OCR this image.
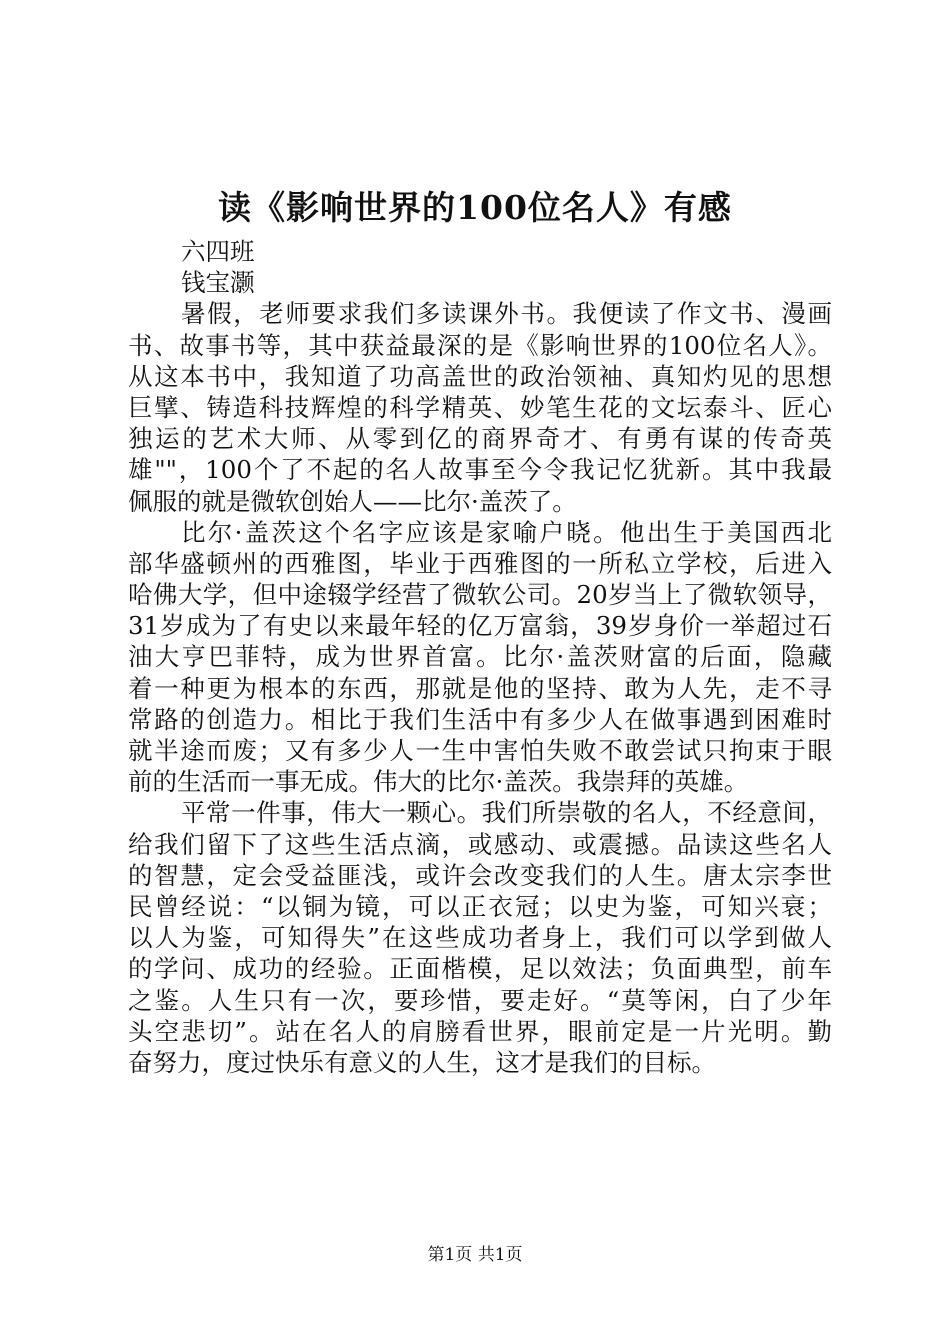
读《影响世界的100位名人》有感
六四班
钱宝灏
暑假，老师要求我们多读课外书。我便读了作文书、漫画
书、故事书等，其中获益最深的是《影响世界的100位名人》。
从这本书中，我知道了功高盖世的政治领袖、真知灼见的思想
巨擘、铸造科技辉煌的科学精英、妙笔生花的文坛泰斗、匠心
独运的艺术大师、从零到亿的商界奇才、有勇有谋的传奇英
雄""，100个了不起的名人故事至今令我记忆犹新。其中我最
佩服的就是微软创始人——比尔·盖茨了。
比尔·盖茨这个名字应该是家喻户晓。他出生于美国西北
部华盛顿州的西雅图，毕业于西雅图的一所私立学校，后进入
哈佛大学，但中途辍学经营了微软公司。20岁当上了微软领导，
31岁成为了有史以来最年轻的亿万富翁，39岁身价一举超过石
油大亨巴菲特，成为世界首富。比尔·盖茨财富的后面，隐藏
着一种更为根本的东西，那就是他的坚持、敢为人先，走不寻
常路的创造力。相比于我们生活中有多少人在做事遇到困难时
就半途而废；又有多少人一生中害怕失败不敢尝试只拘束于眼
前的生活而一事无成。伟大的比尔·盖茨。我崇拜的英雄。
平常一件事，伟大一颗心。我们所崇敬的名人，不经意间，
给我们留下了这些生活点滴，或感动、或震撼。品读这些名人
的智慧，定会受益匪浅，或许会改变我们的人生。唐太宗李世
民曾经说：“以铜为镜，可以正衣冠；以史为鉴，可知兴衰；
以人为鉴，可知得失”在这些成功者身上，我们可以学到做人
的学问、成功的经验。正面楷模，足以效法；负面典型，前车
之鉴。人生只有一次，要珍惜，要走好。“莫等闲，白了少年
头空悲切”。站在名人的肩膀看世界，眼前定是一片光明。勤
奋努力，度过快乐有意义的人生，这才是我们的目标。
第1页 共1页
